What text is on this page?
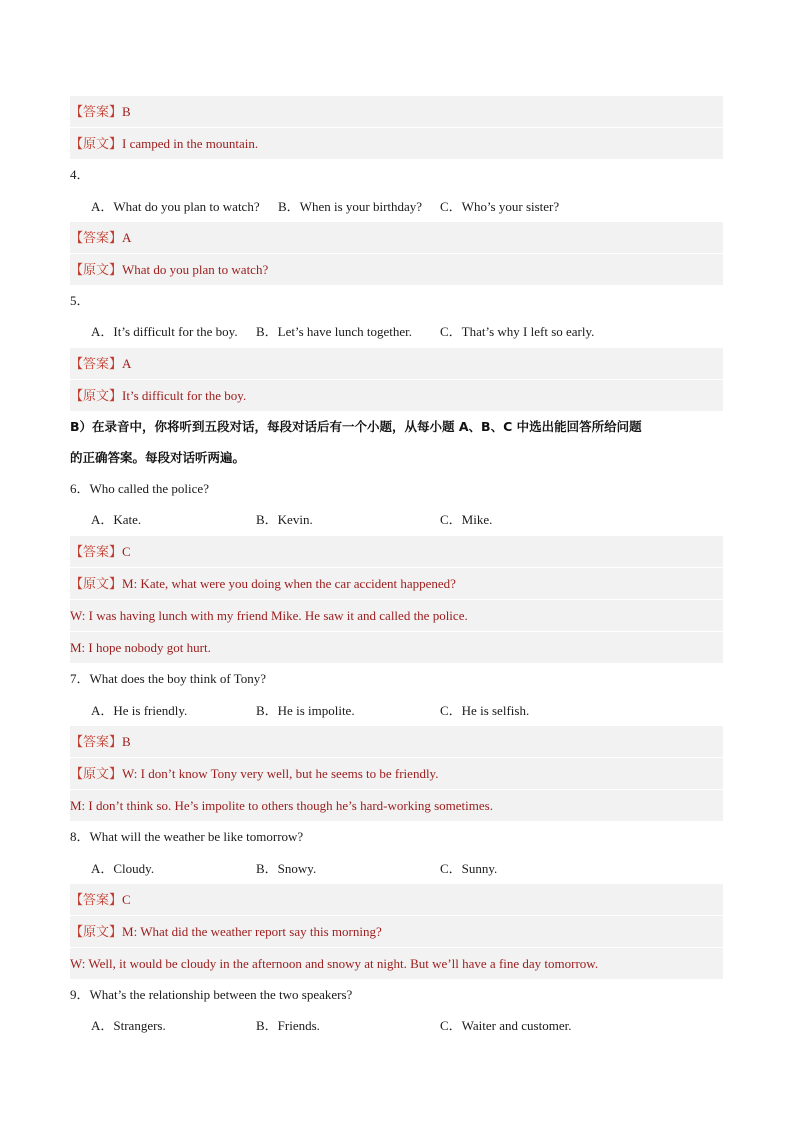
【答案】B
【原文】I camped in the mountain.
4．
A．What do you plan to watch? B．When is your birthday? C．Who’s your sister?
【答案】A
【原文】What do you plan to watch?
5．
A．It’s difficult for the boy. B．Let’s have lunch together. C．That’s why I left so early.
【答案】A
【原文】It’s difficult for the boy.
B）在录音中，你将听到五段对话，每段对话后有一个小题，从每小题 A、B、C 中选出能回答所给问题
的正确答案。每段对话听两遍。
6．Who called the police?
A．Kate.	B．Kevin.	C．Mike.
【答案】C
【原文】M: Kate, what were you doing when the car accident happened?
W: I was having lunch with my friend Mike. He saw it and called the police.
M: I hope nobody got hurt.
7．What does the boy think of Tony?
A．He is friendly.	B．He is impolite.	C．He is selfish.
【答案】B
【原文】W: I don’t know Tony very well, but he seems to be friendly.
M: I don’t think so. He’s impolite to others though he’s hard-working sometimes.
8．What will the weather be like tomorrow?
A．Cloudy.	B．Snowy.	C．Sunny.
【答案】C
【原文】M: What did the weather report say this morning?
W: Well, it would be cloudy in the afternoon and snowy at night. But we’ll have a fine day tomorrow.
9．What’s the relationship between the two speakers?
A．Strangers.	B．Friends.	C．Waiter and customer.
